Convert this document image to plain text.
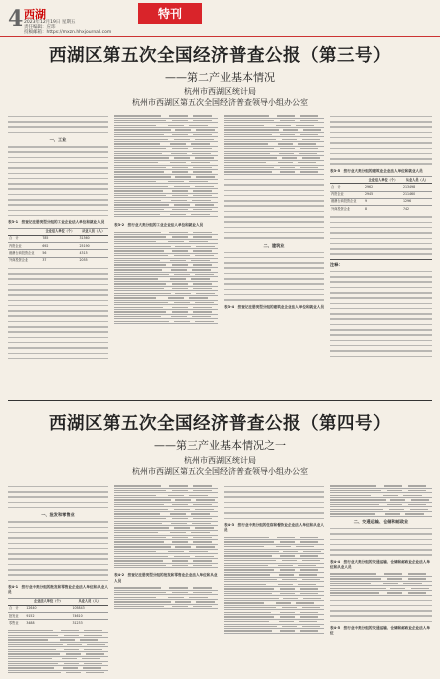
4 西湖
2023年12月19日 星期五
责任编辑：应玮
投稿邮箱：https://mxzn.hhxjournal.com
特刊
西湖区第五次全国经济普查公报（第三号）
——第二产业基本情况
杭州市西湖区统计局
杭州市西湖区第五次全国经济普查领导小组办公室
一、工业
表3-1　按登记注册类型分组的工业企业法人单位和就业人员
	企业法人单位（个）	从业人员（人）
合　计	785	31560
内资企业	692	25190
港澳台商投资企业	56	4315
外商投资企业	37	2055
表3-2　按行业大类分组的工业企业法人单位和就业人员
二、建筑业
表3-4　按登记注册类型分组的建筑业企业法人单位和就业人员
表3-5　按行业大类分组的建筑业企业法人单位和就业人员
	企业法人单位（个）	从业人员（人）
合　计	2962	213498
内资企业	2945	211460
港澳台商投资企业	9	1296
外商投资企业	8	742
注释：
西湖区第五次全国经济普查公报（第四号）
——第三产业基本情况之一
杭州市西湖区统计局
杭州市西湖区第五次全国经济普查领导小组办公室
一、批发和零售业
表4-1　按行业中类分组的批发和零售业企业法人单位和从业人员
	企业法人单位（个）	从业人员（人）
合　计	12640	105843
批发业	9152	74610
零售业	3488	31233
表4-2　按登记注册类型分组的批发和零售业企业法人单位和从业人员
表4-3　按行业中类分组的住宿和餐饮业企业法人单位和从业人员
二、交通运输、仓储和邮政业
表4-4　按行业大类分组的交通运输、仓储和邮政业企业法人单位和从业人员
表4-5　按行业中类分组的交通运输、仓储和邮政业企业法人单位
